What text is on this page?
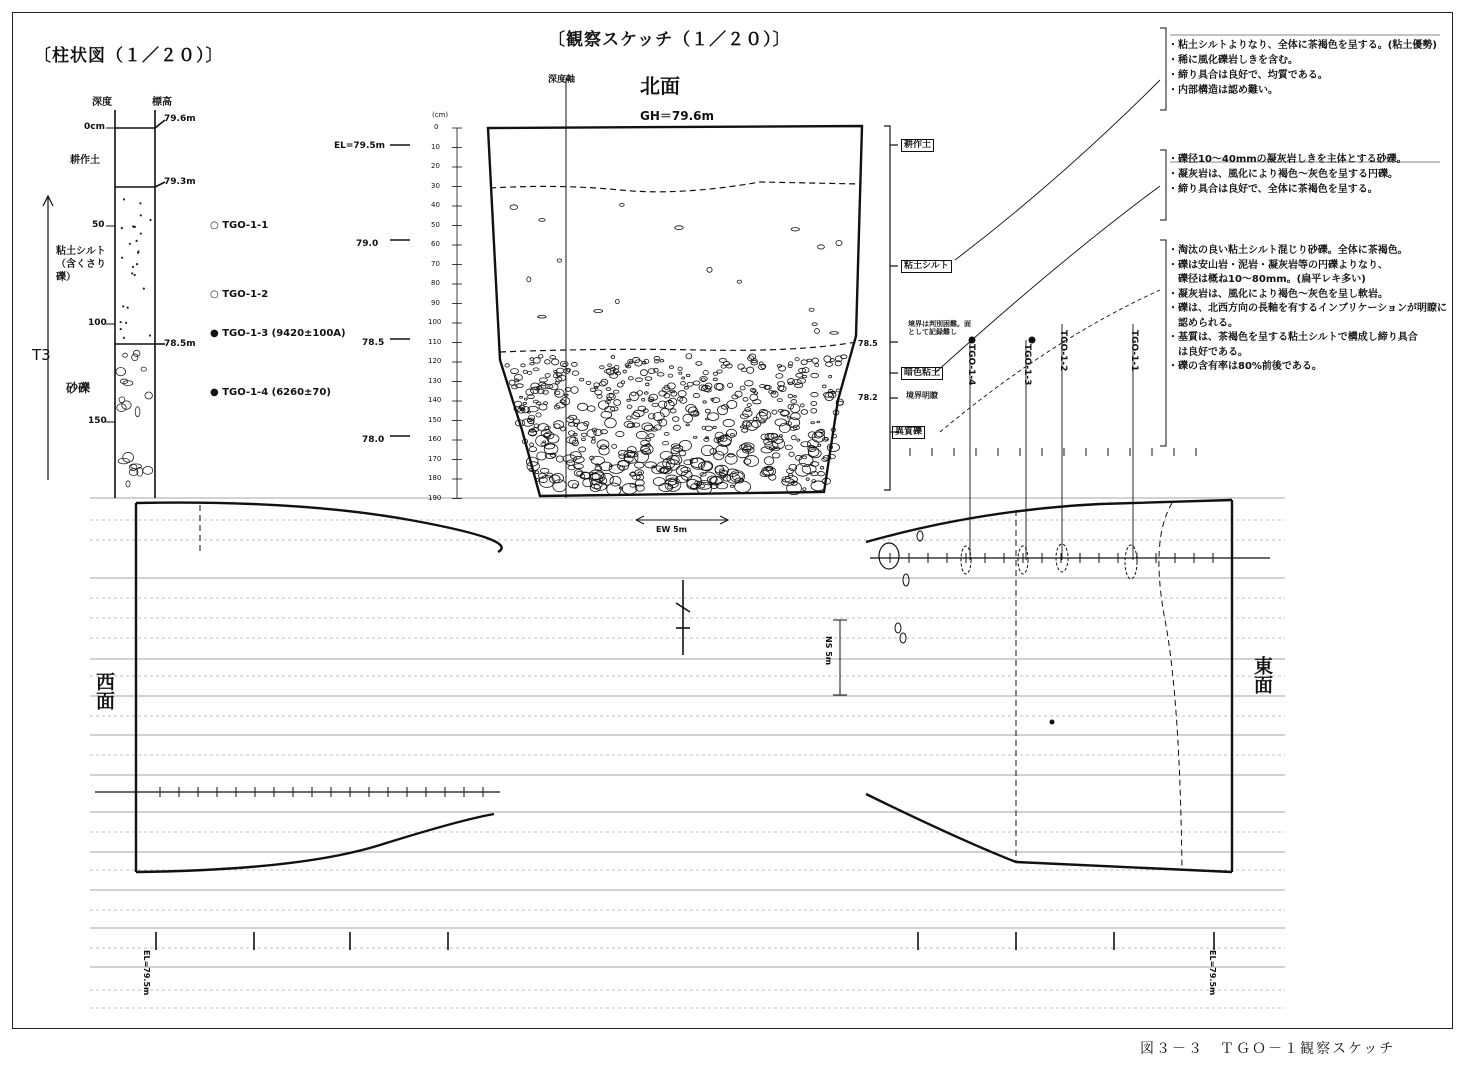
〔柱状図（１／２０）〕
〔観察スケッチ（１／２０）〕
深度	標高
0cm
50
100
150
79.6m
79.3m
78.5m
耕作土
粘土シルト（含くさり礫）
砂礫
T3
○ TGO-1-1
○ TGO-1-2
● TGO-1-3 (9420±100A)
● TGO-1-4 (6260±70)
北面
GH＝79.6m
深度軸
EL=79.5m
79.0
78.5
78.0
(cm)
0
10
20
30
40
50
60
70
80
90
100
110
120
130
140
150
160
170
180
190
78.5
78.2
EW 5m
耕作土
粘土シルト
暗色粘土
異質礫
境界は判別困難。面として記録難し
境界明瞭
TGO-1-4	TGO-1-3	TGO-1-2	TGO-1-1
西面	東面
NS 5m
EL=79.5m	EL=79.5m
・粘土シルトよりなり、全体に茶褐色を呈する。(粘土優勢)
・稀に風化礫岩しきを含む。
・締り具合は良好で、均質である。
・内部構造は認め難い。
・礫径10〜40mmの凝灰岩しきを主体とする砂礫。
・凝灰岩は、風化により褐色〜灰色を呈する円礫。
・締り具合は良好で、全体に茶褐色を呈する。
・淘汰の良い粘土シルト混じり砂礫。全体に茶褐色。
・礫は安山岩・泥岩・凝灰岩等の円礫よりなり、
　礫径は概ね10〜80mm。(扁平レキ多い)
・凝灰岩は、風化により褐色〜灰色を呈し軟岩。
・礫は、北西方向の長軸を有するインブリケーションが明瞭に
　認められる。
・基質は、茶褐色を呈する粘土シルトで構成し締り具合
　は良好である。
・礫の含有率は80%前後である。
図３－３　ＴＧＯ－１観察スケッチ
